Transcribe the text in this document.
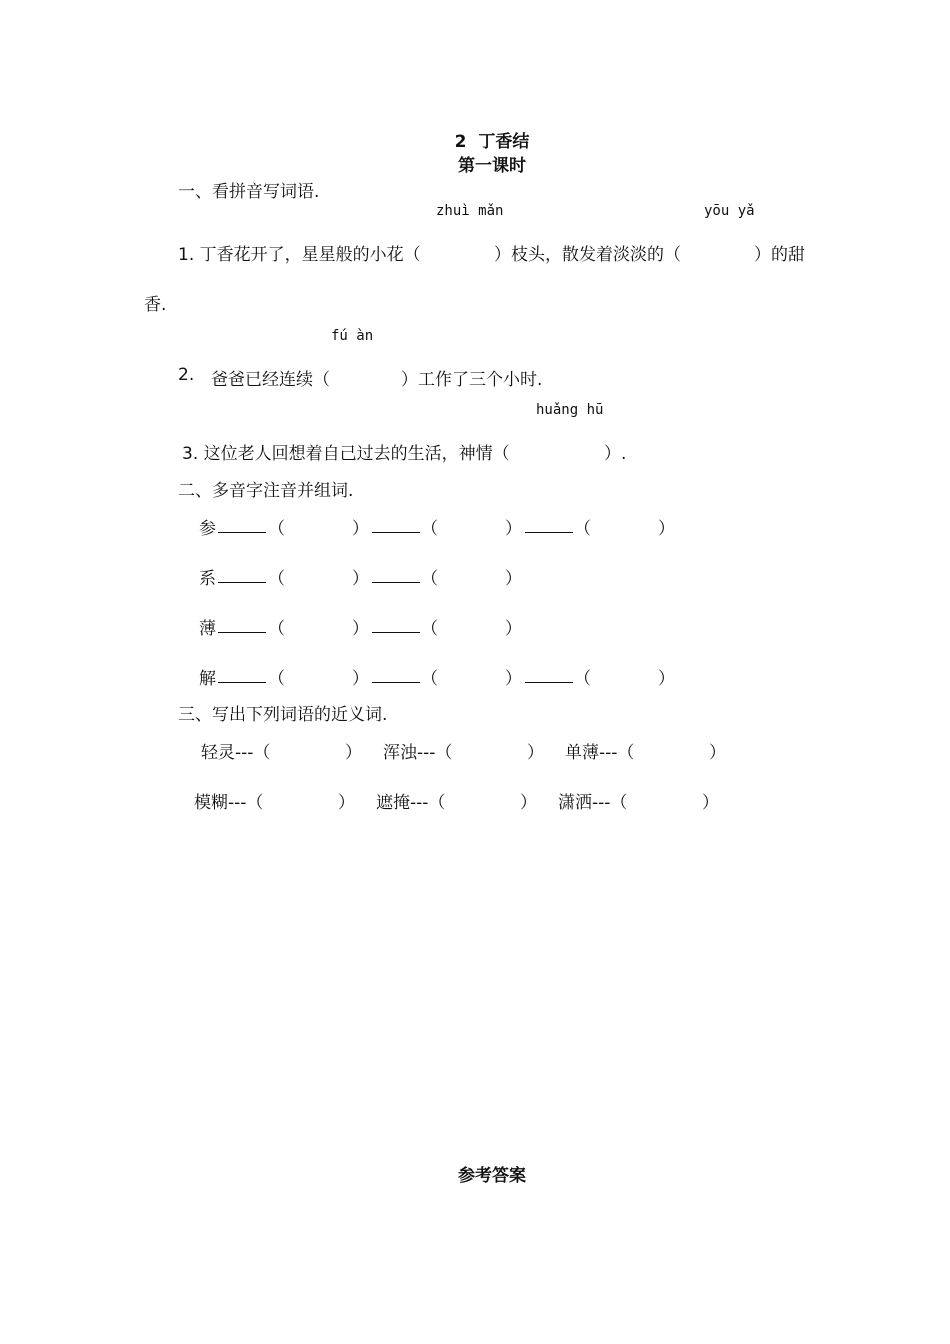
2  丁香结
第一课时
一、看拼音写词语.
zhuì mǎn	yōu yǎ
1. 丁香花开了，星星般的小花（	）枝头，散发着淡淡的（	）的甜
香.
fú àn
2. 爸爸已经连续（	）工作了三个小时.
huǎng hū
3. 这位老人回想着自己过去的生活，神情（	）.
二、多音字注音并组词.
参	（	）	（	）	（	）
系	（	）	（	）
薄	（	）	（	）
解	（	）	（	）	（	）
三、写出下列词语的近义词.
轻灵---（	） 浑浊---（	） 单薄---（	）
模糊---（	） 遮掩---（	） 潇洒---（	）
参考答案
